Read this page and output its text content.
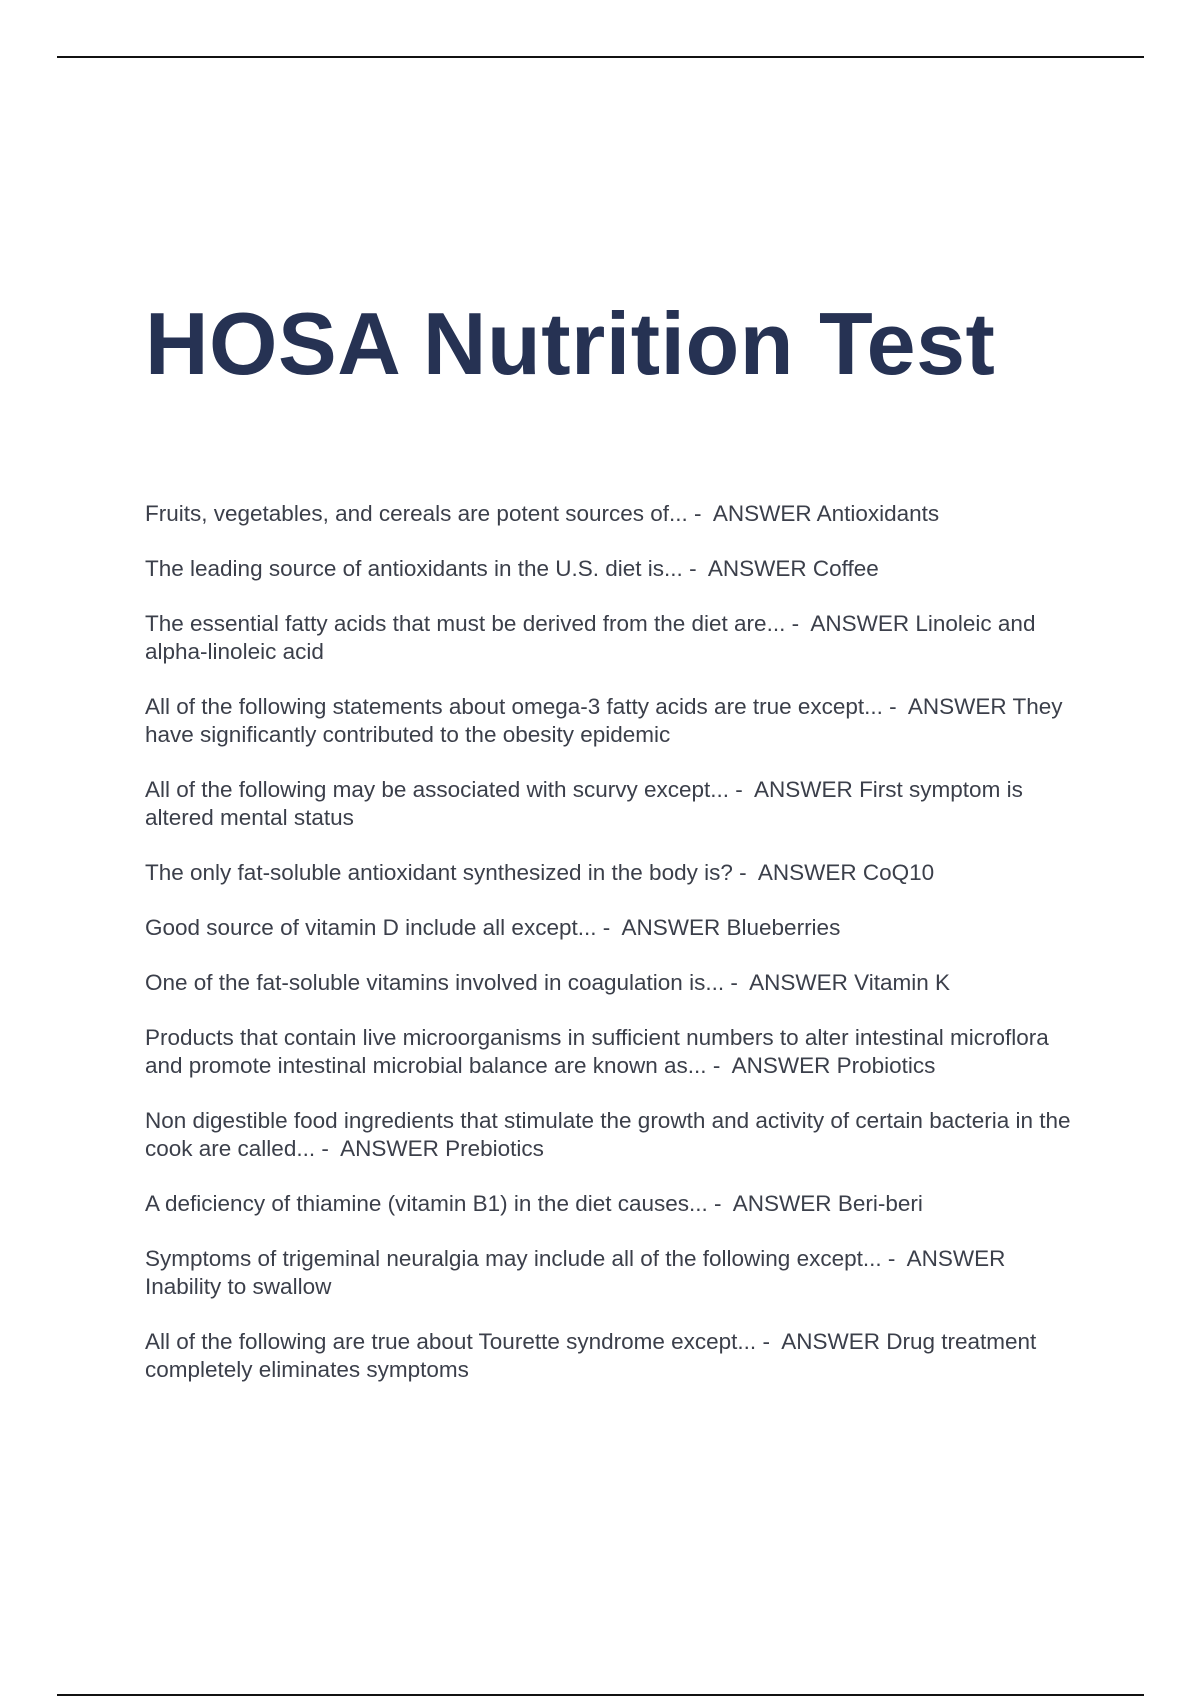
HOSA Nutrition Test
Fruits, vegetables, and cereals are potent sources of... -  ANSWER Antioxidants
The leading source of antioxidants in the U.S. diet is... -  ANSWER Coffee
The essential fatty acids that must be derived from the diet are... -  ANSWER Linoleic and alpha-linoleic acid
All of the following statements about omega-3 fatty acids are true except... -  ANSWER They have significantly contributed to the obesity epidemic
All of the following may be associated with scurvy except... -  ANSWER First symptom is altered mental status
The only fat-soluble antioxidant synthesized in the body is? -  ANSWER CoQ10
Good source of vitamin D include all except... -  ANSWER Blueberries
One of the fat-soluble vitamins involved in coagulation is... -  ANSWER Vitamin K
Products that contain live microorganisms in sufficient numbers to alter intestinal microflora and promote intestinal microbial balance are known as... -  ANSWER Probiotics
Non digestible food ingredients that stimulate the growth and activity of certain bacteria in the cook are called... -  ANSWER Prebiotics
A deficiency of thiamine (vitamin B1) in the diet causes... -  ANSWER Beri-beri
Symptoms of trigeminal neuralgia may include all of the following except... -  ANSWER Inability to swallow
All of the following are true about Tourette syndrome except... -  ANSWER Drug treatment completely eliminates symptoms
